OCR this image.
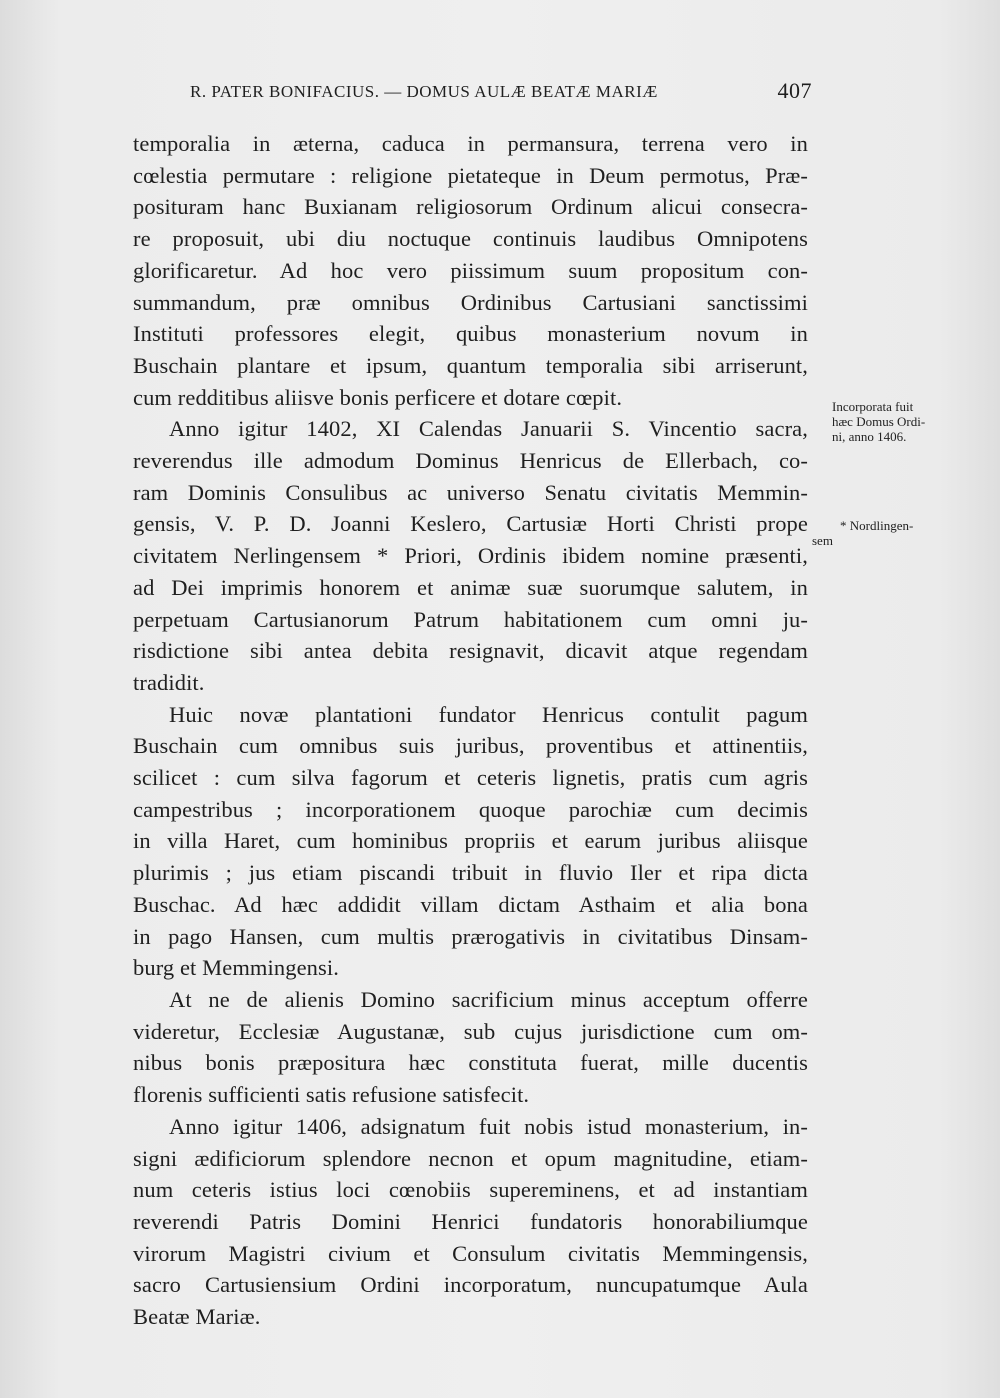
R. PATER BONIFACIUS. — DOMUS AULÆ BEATÆ MARIÆ	407
temporalia in æterna, caduca in permansura, terrena vero in
cœlestia permutare : religione pietateque in Deum permotus, Præ-
posituram hanc Buxianam religiosorum Ordinum alicui consecra-
re proposuit, ubi diu noctuque continuis laudibus Omnipotens
glorificaretur. Ad hoc vero piissimum suum propositum con-
summandum, præ omnibus Ordinibus Cartusiani sanctissimi
Instituti professores elegit, quibus monasterium novum in
Buschain plantare et ipsum, quantum temporalia sibi arriserunt,
cum redditibus aliisve bonis perficere et dotare cœpit.
Anno igitur 1402, XI Calendas Januarii S. Vincentio sacra,
reverendus ille admodum Dominus Henricus de Ellerbach, co-
ram Dominis Consulibus ac universo Senatu civitatis Memmin-
gensis, V. P. D. Joanni Keslero, Cartusiæ Horti Christi prope
civitatem Nerlingensem * Priori, Ordinis ibidem nomine præsenti,
ad Dei imprimis honorem et animæ suæ suorumque salutem, in
perpetuam Cartusianorum Patrum habitationem cum omni ju-
risdictione sibi antea debita resignavit, dicavit atque regendam
tradidit.
Huic novæ plantationi fundator Henricus contulit pagum
Buschain cum omnibus suis juribus, proventibus et attinentiis,
scilicet : cum silva fagorum et ceteris lignetis, pratis cum agris
campestribus ; incorporationem quoque parochiæ cum decimis
in villa Haret, cum hominibus propriis et earum juribus aliisque
plurimis ; jus etiam piscandi tribuit in fluvio Iler et ripa dicta
Buschac. Ad hæc addidit villam dictam Asthaim et alia bona
in pago Hansen, cum multis prærogativis in civitatibus Dinsam-
burg et Memmingensi.
At ne de alienis Domino sacrificium minus acceptum offerre
videretur, Ecclesiæ Augustanæ, sub cujus jurisdictione cum om-
nibus bonis præpositura hæc constituta fuerat, mille ducentis
florenis sufficienti satis refusione satisfecit.
Anno igitur 1406, adsignatum fuit nobis istud monasterium, in-
signi ædificiorum splendore necnon et opum magnitudine, etiam-
num ceteris istius loci cœnobiis supereminens, et ad instantiam
reverendi Patris Domini Henrici fundatoris honorabiliumque
virorum Magistri civium et Consulum civitatis Memmingensis,
sacro Cartusiensium Ordini incorporatum, nuncupatumque Aula
Beatæ Mariæ.
Incorporata fuit
hæc Domus Ordi-
ni, anno 1406.
* Nordlingen-
sem
